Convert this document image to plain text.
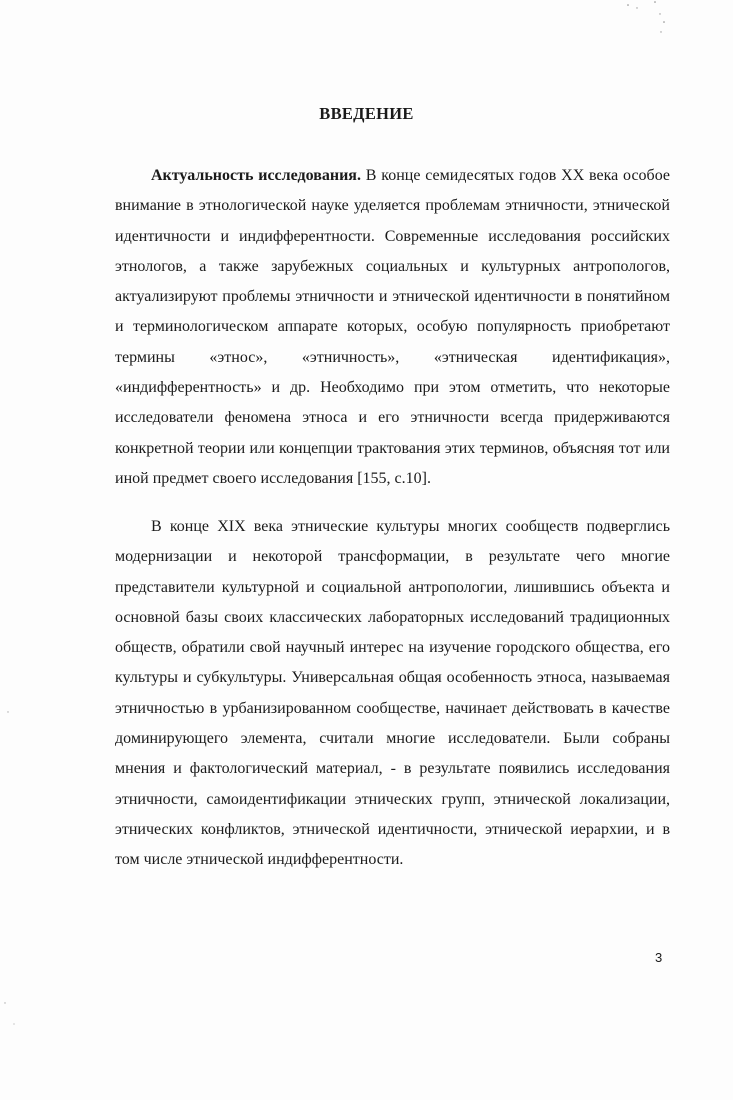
ВВЕДЕНИЕ

Актуальность исследования. В конце семидесятых годов XX века особое внимание в этнологической науке уделяется проблемам этничности, этнической идентичности и индифферентности. Современные исследования российских этнологов, а также зарубежных социальных и культурных антропологов, актуализируют проблемы этничности и этнической идентичности в понятийном и терминологическом аппарате которых, особую популярность приобретают термины «этнос», «этничность», «этническая идентификация», «индифферентность» и др. Необходимо при этом отметить, что некоторые исследователи феномена этноса и его этничности всегда придерживаются конкретной теории или концепции трактования этих терминов, объясняя тот или иной предмет своего исследования [155, с.10].

В конце XIX века этнические культуры многих сообществ подверглись модернизации и некоторой трансформации, в результате чего многие представители культурной и социальной антропологии, лишившись объекта и основной базы своих классических лабораторных исследований традиционных обществ, обратили свой научный интерес на изучение городского общества, его культуры и субкультуры. Универсальная общая особенность этноса, называемая этничностью в урбанизированном сообществе, начинает действовать в качестве доминирующего элемента, считали многие исследователи. Были собраны мнения и фактологический материал, - в результате появились исследования этничности, самоидентификации этнических групп, этнической локализации, этнических конфликтов, этнической идентичности, этнической иерархии, и в том числе этнической индифферентности.

3
